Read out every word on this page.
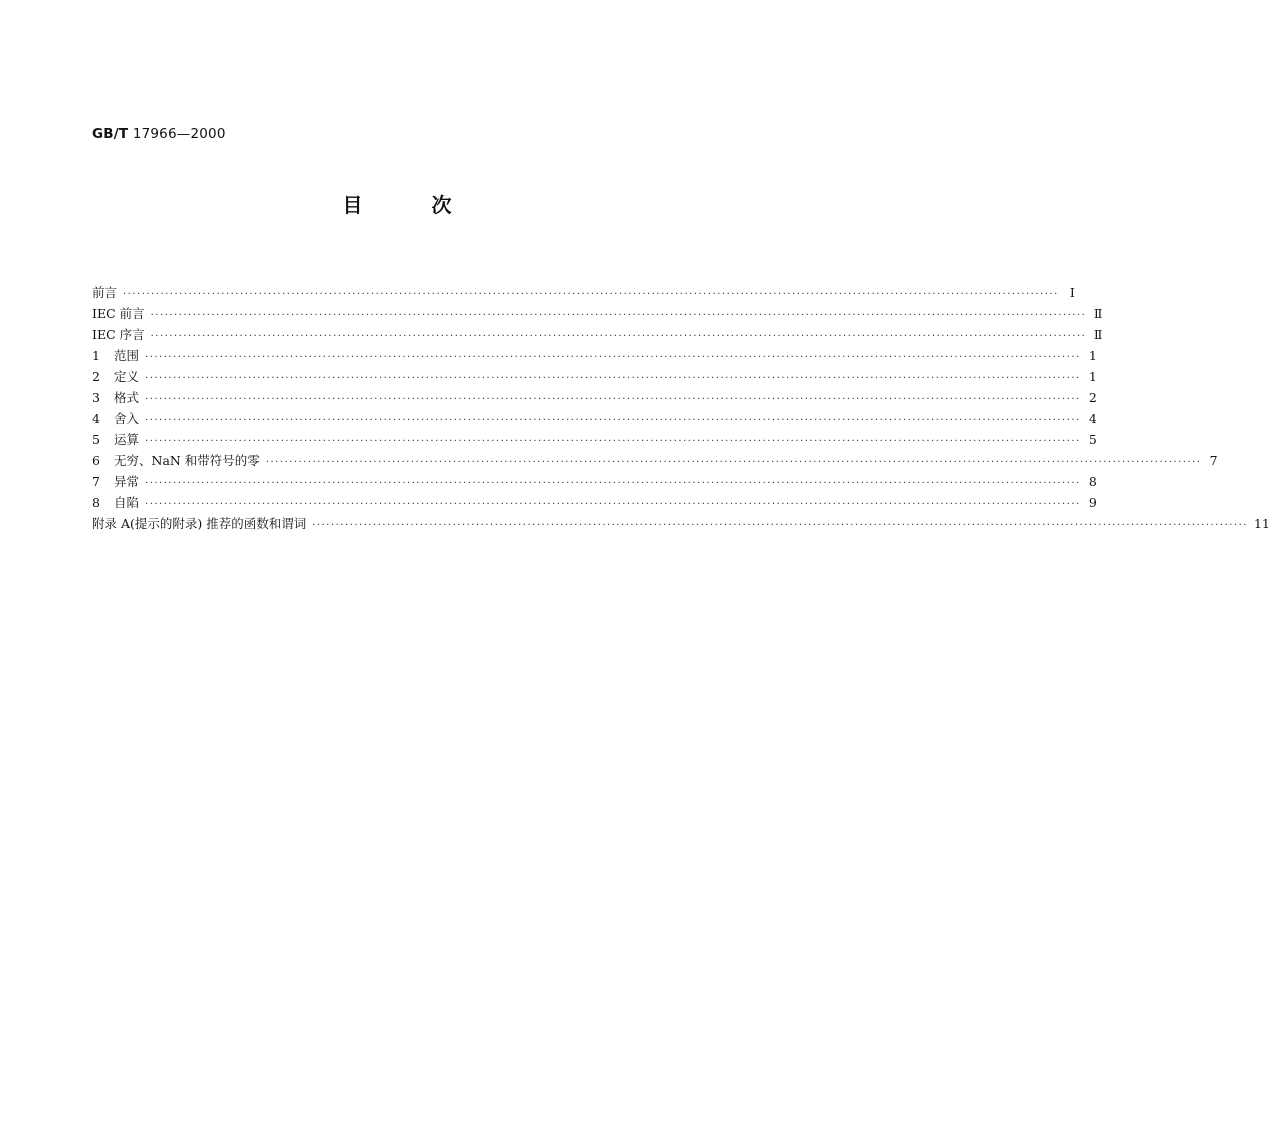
GB/T 17966—2000
目	次
前言 ········································································································································································································ Ⅰ
IEC 前言 ········································································································································································································ Ⅱ
IEC 序言 ········································································································································································································ Ⅱ
1	范围 ········································································································································································································ 1
2	定义 ········································································································································································································ 1
3	格式 ········································································································································································································ 2
4	舍入 ········································································································································································································ 4
5	运算 ········································································································································································································ 5
6	无穷、NaN 和带符号的零 ········································································································································································································ 7
7	异常 ········································································································································································································ 8
8	自陷 ········································································································································································································ 9
附录 A(提示的附录) 推荐的函数和谓词 ········································································································································································································ 11
